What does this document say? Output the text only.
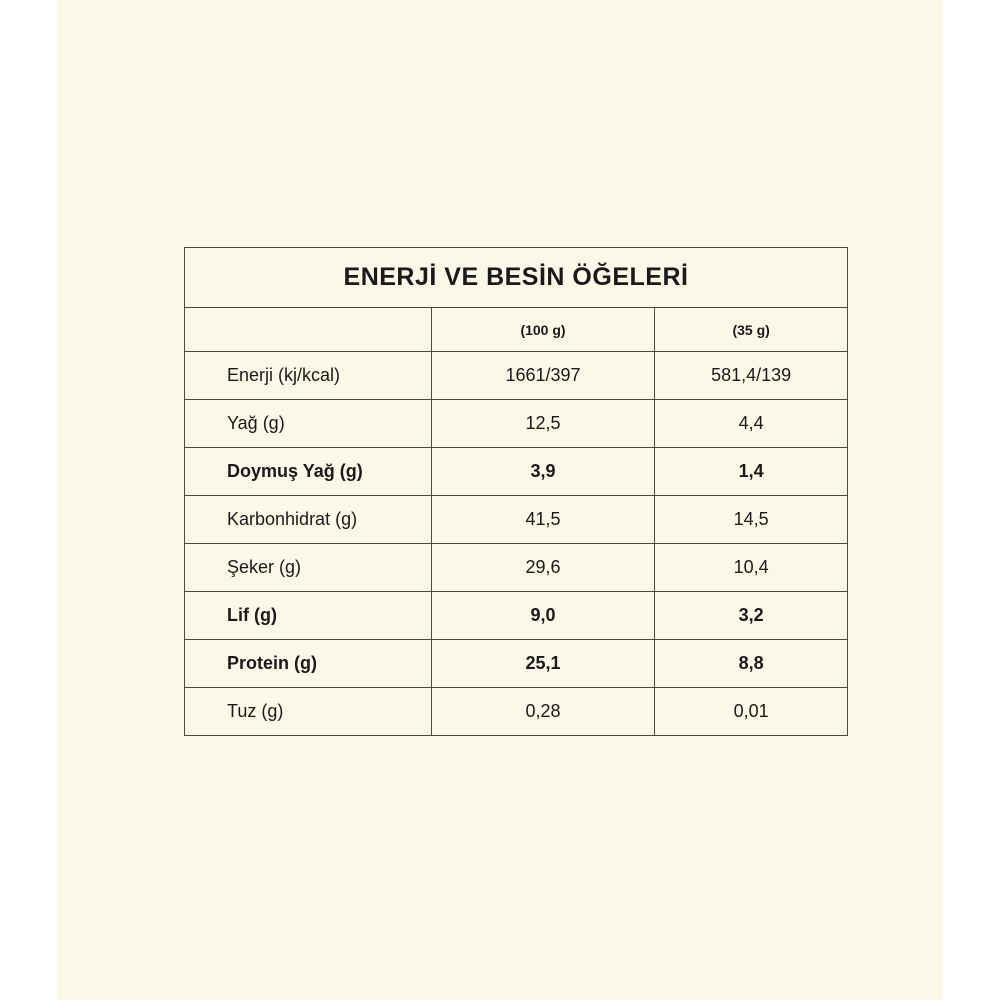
ENERJİ VE BESİN ÖĞELERİ		
	(100 g)	(35 g)
Enerji (kj/kcal)	1661/397	581,4/139
Yağ (g)	12,5	4,4
Doymuş Yağ (g)	3,9	1,4
Karbonhidrat (g)	41,5	14,5
Şeker (g)	29,6	10,4
Lif (g)	9,0	3,2
Protein (g)	25,1	8,8
Tuz (g)	0,28	0,01
